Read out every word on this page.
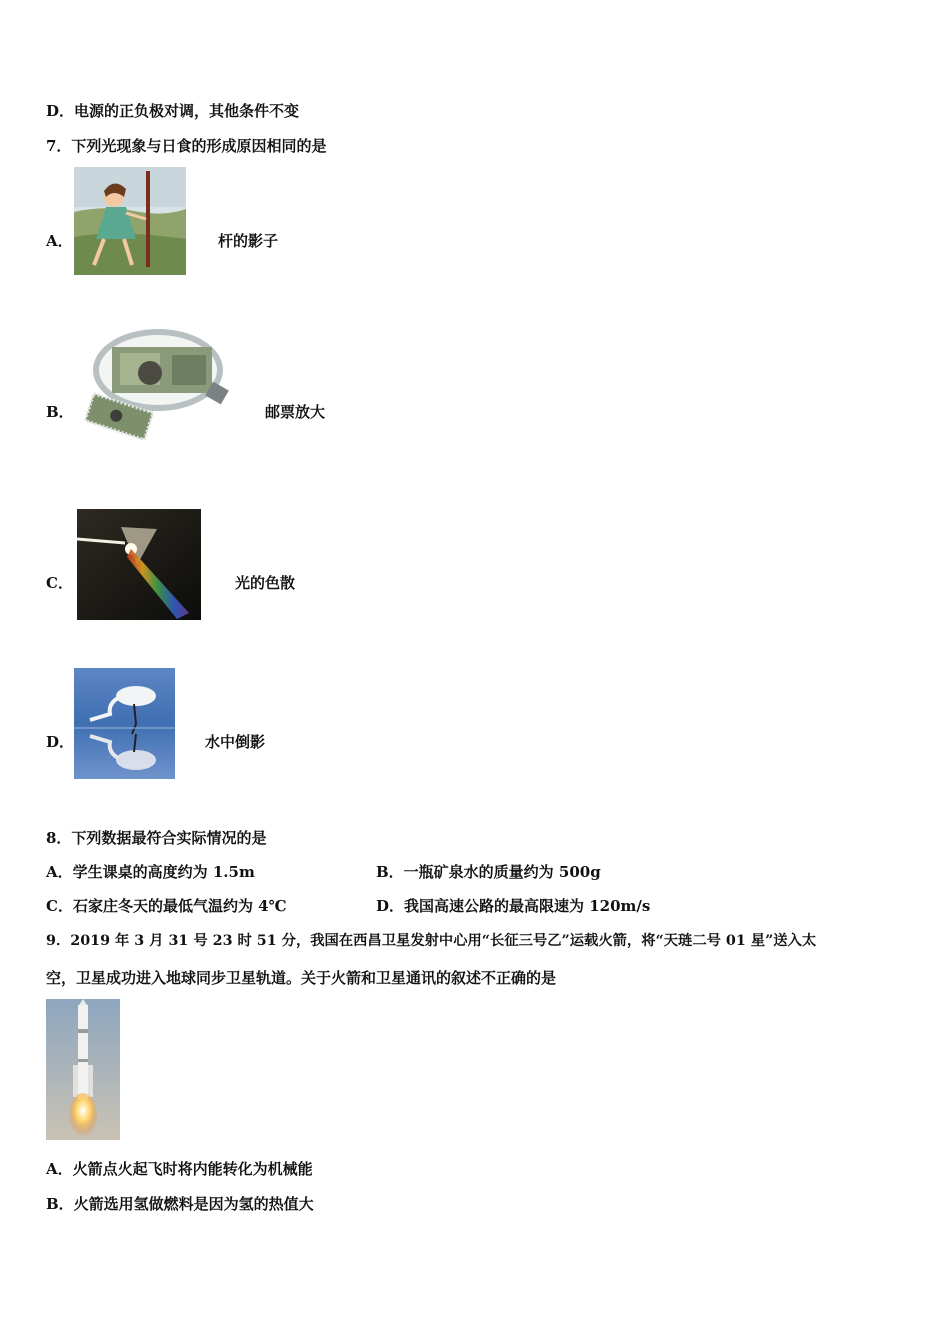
D．电源的正负极对调，其他条件不变
7．下列光现象与日食的形成原因相同的是
A．	杆的影子
B．	邮票放大
C．	光的色散
D．	水中倒影
8．下列数据最符合实际情况的是
A．学生课桌的高度约为 1.5m	B．一瓶矿泉水的质量约为 500g
C．石家庄冬天的最低气温约为 4℃	D．我国高速公路的最高限速为 120m/s
9．2019 年 3 月 31 号 23 时 51 分，我国在西昌卫星发射中心用“长征三号乙”运载火箭，将“天琏二号 01 星”送入太
空，卫星成功进入地球同步卫星轨道。关于火箭和卫星通讯的叙述不正确的是
A．火箭点火起飞时将内能转化为机械能
B．火箭选用氢做燃料是因为氢的热值大
